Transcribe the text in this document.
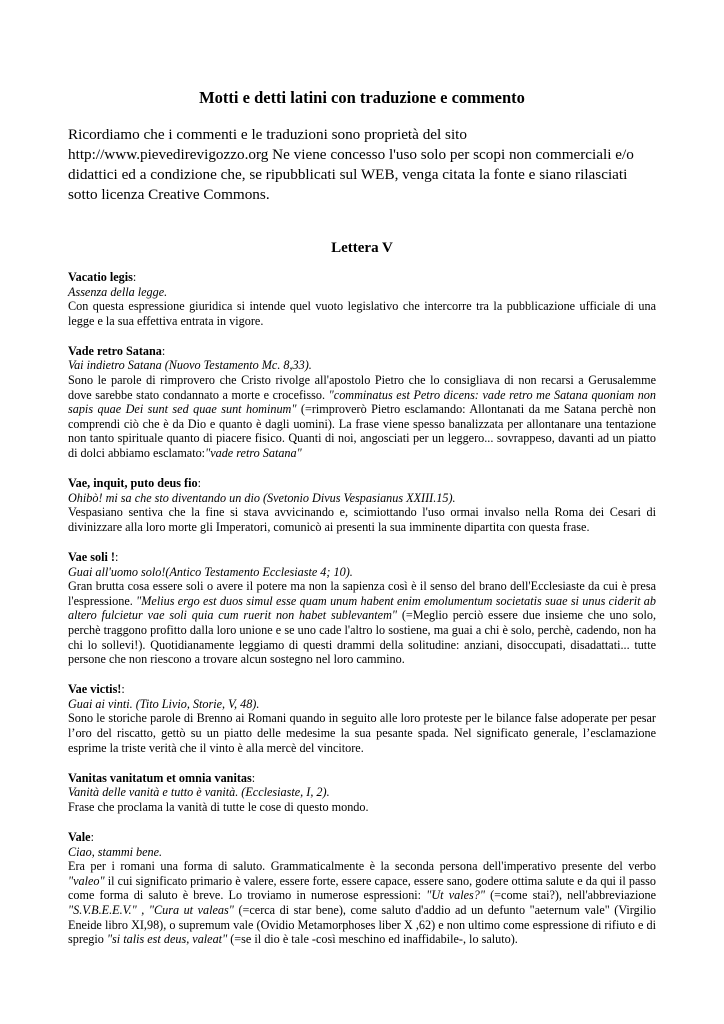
Motti e detti latini con traduzione e commento

Ricordiamo che i commenti e le traduzioni sono proprietà del sito http://www.pievedirevigozzo.org Ne viene concesso l'uso solo per scopi non commerciali e/o didattici ed a condizione che, se ripubblicati sul WEB, venga citata la fonte e siano rilasciati sotto licenza Creative Commons.

Lettera V

Vacatio legis:

Assenza della legge.

Con questa espressione giuridica si intende quel vuoto legislativo che intercorre tra la pubblicazione ufficiale di una legge e la sua effettiva entrata in vigore.

Vade retro Satana:

Vai indietro Satana (Nuovo Testamento Mc. 8,33).

Sono le parole di rimprovero che Cristo rivolge all'apostolo Pietro che lo consigliava di non recarsi a Gerusalemme dove sarebbe stato condannato a morte e crocefisso. "comminatus est Petro dicens: vade retro me Satana quoniam non sapis quae Dei sunt sed quae sunt hominum" (=rimproverò Pietro esclamando: Allontanati da me Satana perchè non comprendi ciò che è da Dio e quanto è dagli uomini). La frase viene spesso banalizzata per allontanare una tentazione non tanto spirituale quanto di piacere fisico. Quanti di noi, angosciati per un leggero... sovrappeso, davanti ad un piatto di dolci abbiamo esclamato:"vade retro Satana"

Vae, inquit, puto deus fio:

Ohibò! mi sa che sto diventando un dio (Svetonio Divus Vespasianus XXIII.15).

Vespasiano sentiva che la fine si stava avvicinando e, scimiottando l'uso ormai invalso nella Roma dei Cesari di divinizzare alla loro morte gli Imperatori, comunicò ai presenti la sua imminente dipartita con questa frase.

Vae soli !:

Guai all'uomo solo!(Antico Testamento Ecclesiaste 4; 10).

Gran brutta cosa essere soli o avere il potere ma non la sapienza così è il senso del brano dell'Ecclesiaste da cui è presa l'espressione. "Melius ergo est duos simul esse quam unum habent enim emolumentum societatis suae si unus ciderit ab altero fulcietur vae soli quia cum ruerit non habet sublevantem" (=Meglio perciò essere due insieme che uno solo, perchè traggono profitto dalla loro unione e se uno cade l'altro lo sostiene, ma guai a chi è solo, perchè, cadendo, non ha chi lo sollevi!). Quotidianamente leggiamo di questi drammi della solitudine: anziani, disoccupati, disadattati... tutte persone che non riescono a trovare alcun sostegno nel loro cammino.

Vae victis!:

Guai ai vinti. (Tito Livio, Storie, V, 48).

Sono le storiche parole di Brenno ai Romani quando in seguito alle loro proteste per le bilance false adoperate per pesar l’oro del riscatto, gettò su un piatto delle medesime la sua pesante spada. Nel significato generale, l’esclamazione esprime la triste verità che il vinto è alla mercè del vincitore.

Vanitas vanitatum et omnia vanitas:

Vanità delle vanità e tutto è vanità. (Ecclesiaste, I, 2).

Frase che proclama la vanità di tutte le cose di questo mondo.

Vale:

Ciao, stammi bene.

Era per i romani una forma di saluto. Grammaticalmente è la seconda persona dell'imperativo presente del verbo "valeo" il cui significato primario è valere, essere forte, essere capace, essere sano, godere ottima salute e da qui il passo come forma di saluto è breve. Lo troviamo in numerose espressioni: "Ut vales?" (=come stai?), nell'abbreviazione "S.V.B.E.E.V." , "Cura ut valeas" (=cerca di star bene), come saluto d'addio ad un defunto "aeternum vale" (Virgilio Eneide libro XI,98), o supremum vale (Ovidio Metamorphoses liber X ,62) e non ultimo come espressione di rifiuto e di spregio "si talis est deus, valeat" (=se il dio è tale -così meschino ed inaffidabile-, lo saluto).
